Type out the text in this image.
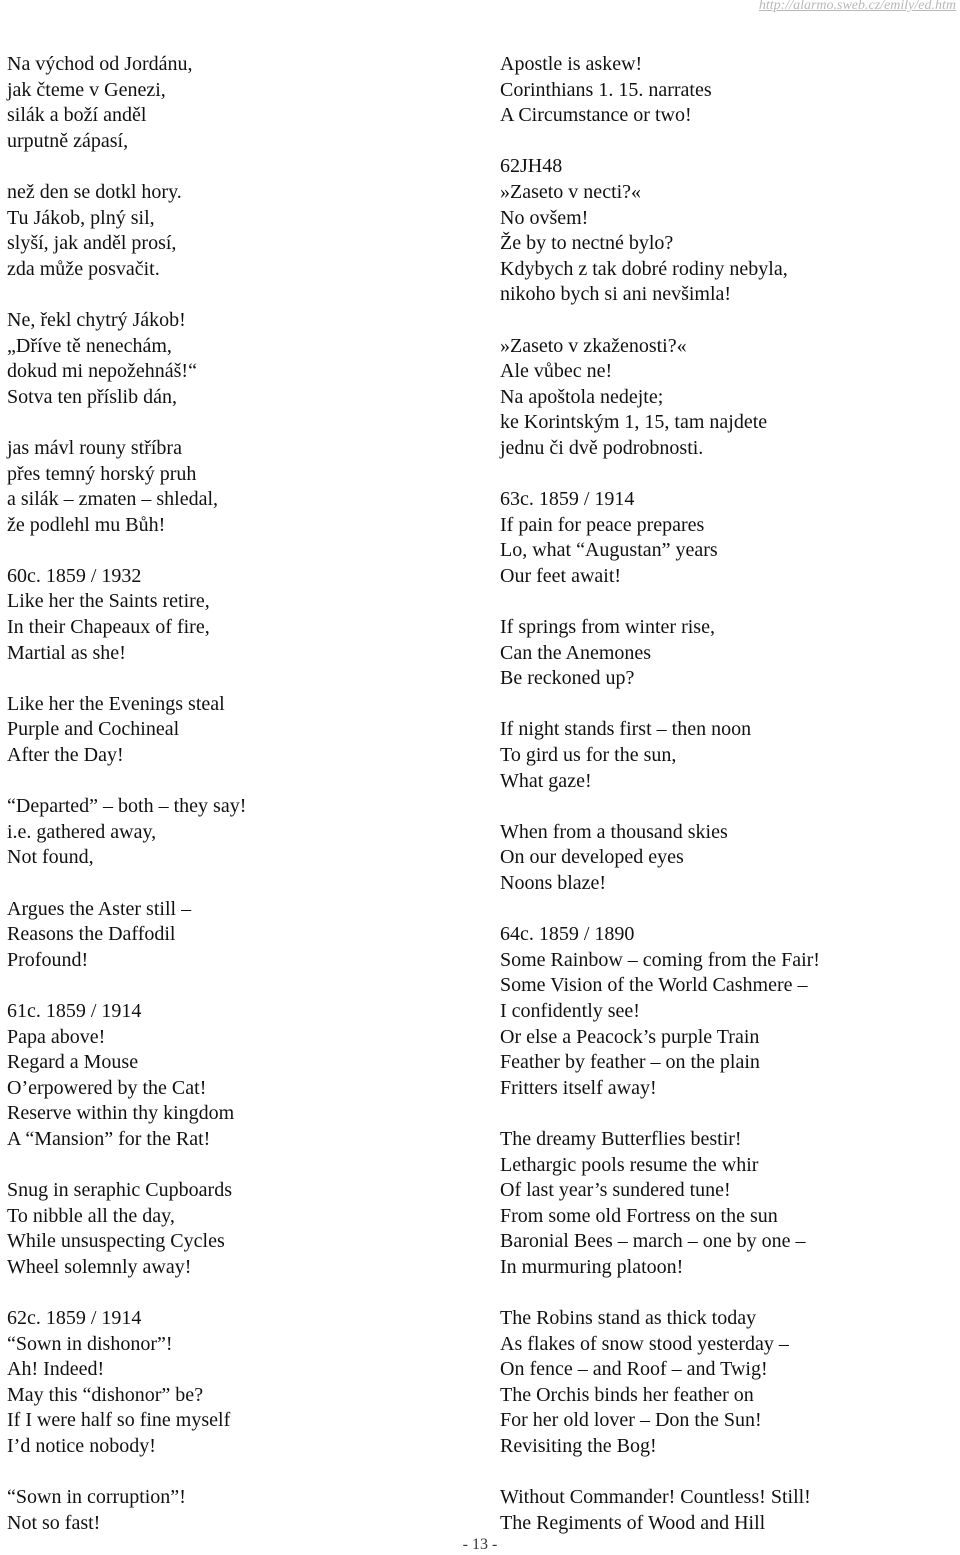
http://alarmo.sweb.cz/emily/ed.htm
Na východ od Jordánu,
jak čteme v Genezi,
silák a boží anděl
urputně zápasí,
než den se dotkl hory.
Tu Jákob, plný sil,
slyší, jak anděl prosí,
zda může posvačit.
Ne, řekl chytrý Jákob!
„Dříve tě nenechám,
dokud mi nepožehnáš!“
Sotva ten příslib dán,
jas mávl rouny stříbra
přes temný horský pruh
a silák – zmaten – shledal,
že podlehl mu Bůh!
60c. 1859 / 1932
Like her the Saints retire,
In their Chapeaux of fire,
Martial as she!
Like her the Evenings steal
Purple and Cochineal
After the Day!
“Departed” – both – they say!
i.e. gathered away,
Not found,
Argues the Aster still –
Reasons the Daffodil
Profound!
61c. 1859 / 1914
Papa above!
Regard a Mouse
O’erpowered by the Cat!
Reserve within thy kingdom
A “Mansion” for the Rat!
Snug in seraphic Cupboards
To nibble all the day,
While unsuspecting Cycles
Wheel solemnly away!
62c. 1859 / 1914
“Sown in dishonor”!
Ah! Indeed!
May this “dishonor” be?
If I were half so fine myself
I’d notice nobody!
“Sown in corruption”!
Not so fast!
Apostle is askew!
Corinthians 1. 15. narrates
A Circumstance or two!
62JH48
»Zaseto v necti?«
No ovšem!
Že by to nectné bylo?
Kdybych z tak dobré rodiny nebyla,
nikoho bych si ani nevšimla!
»Zaseto v zkaženosti?«
Ale vůbec ne!
Na apoštola nedejte;
ke Korintským 1, 15, tam najdete
jednu či dvě podrobnosti.
63c. 1859 / 1914
If pain for peace prepares
Lo, what “Augustan” years
Our feet await!
If springs from winter rise,
Can the Anemones
Be reckoned up?
If night stands first – then noon
To gird us for the sun,
What gaze!
When from a thousand skies
On our developed eyes
Noons blaze!
64c. 1859 / 1890
Some Rainbow – coming from the Fair!
Some Vision of the World Cashmere –
I confidently see!
Or else a Peacock’s purple Train
Feather by feather – on the plain
Fritters itself away!
The dreamy Butterflies bestir!
Lethargic pools resume the whir
Of last year’s sundered tune!
From some old Fortress on the sun
Baronial Bees – march – one by one –
In murmuring platoon!
The Robins stand as thick today
As flakes of snow stood yesterday –
On fence – and Roof – and Twig!
The Orchis binds her feather on
For her old lover – Don the Sun!
Revisiting the Bog!
Without Commander! Countless! Still!
The Regiments of Wood and Hill
- 13 -
